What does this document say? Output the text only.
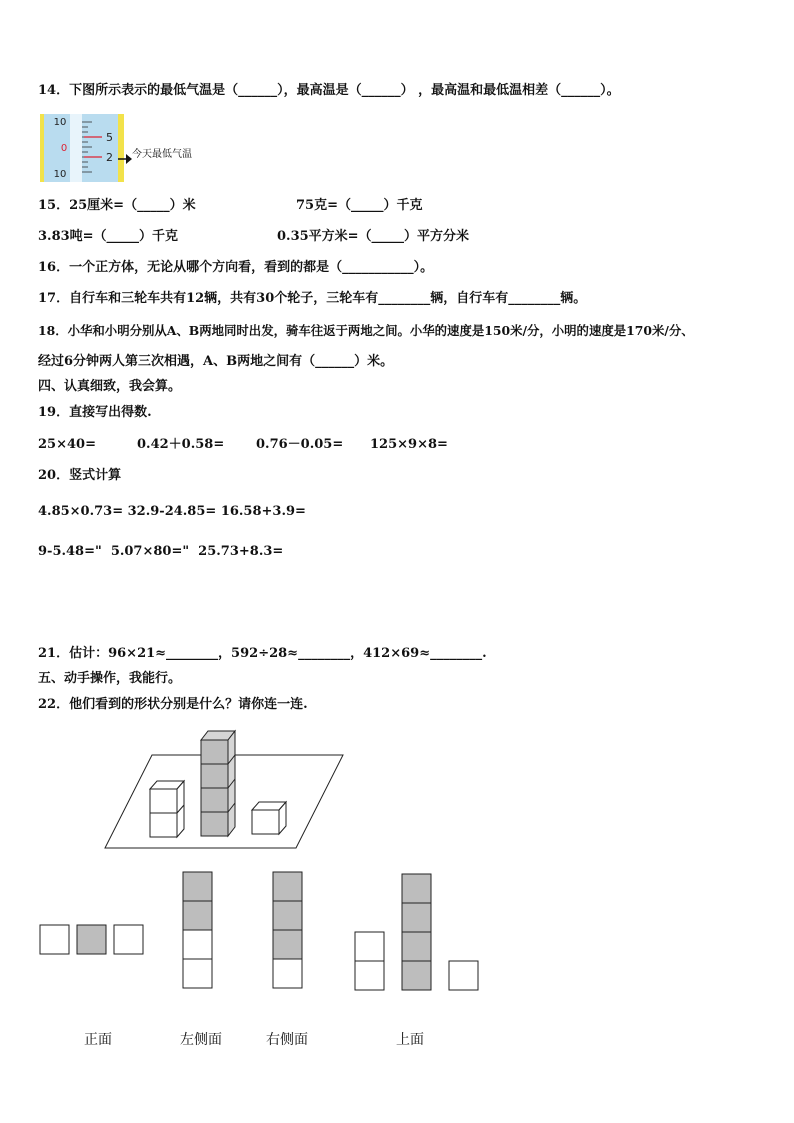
14．下图所示表示的最低气温是（______），最高温是（______） ，最高温和最低温相差（______）。
10
5
0
2
10
今天最低气温
15．25厘米=（_____）米	75克=（_____）千克
3.83吨=（_____）千克	0.35平方米=（_____）平方分米
16．一个正方体，无论从哪个方向看，看到的都是（___________）。
17．自行车和三轮车共有12辆，共有30个轮子，三轮车有________辆，自行车有________辆。
18．小华和小明分别从A、B两地同时出发，骑车往返于两地之间。小华的速度是150米/分，小明的速度是170米/分、
经过6分钟两人第三次相遇，A、B两地之间有（______）米。
四、认真细致，我会算。
19．直接写出得数.
25×40=	0.42＋0.58= 0.76－0.05= 125×9×8=
20．竖式计算
4.85×0.73= 32.9-24.85= 16.58+3.9=
9-5.48="  5.07×80="  25.73+8.3=
21．估计：96×21≈________，592÷28≈________，412×69≈________.
五、动手操作，我能行。
22．他们看到的形状分别是什么？请你连一连.
正面	左侧面	右侧面	上面
